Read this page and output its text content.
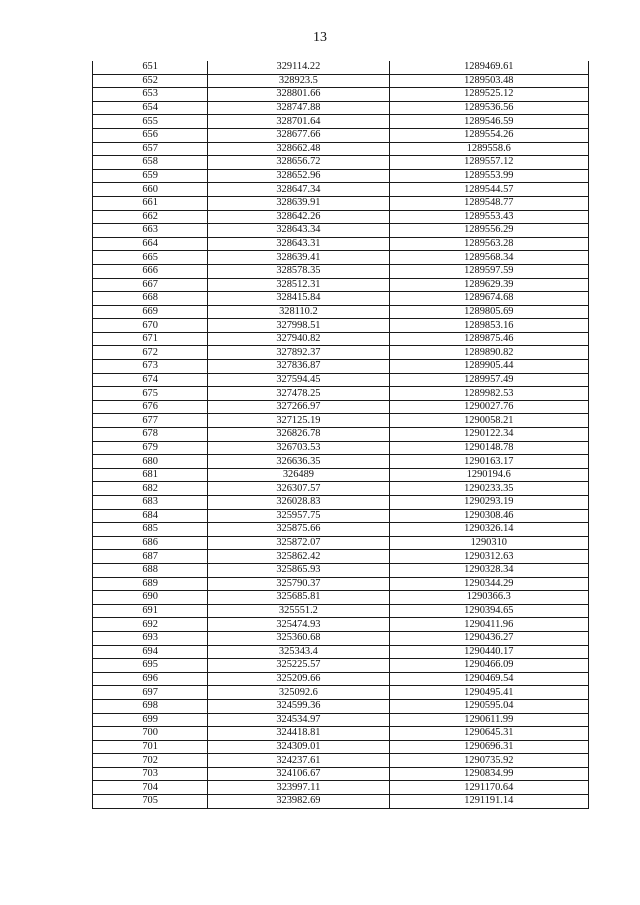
13
651	329114.22	1289469.61
652	328923.5	1289503.48
653	328801.66	1289525.12
654	328747.88	1289536.56
655	328701.64	1289546.59
656	328677.66	1289554.26
657	328662.48	1289558.6
658	328656.72	1289557.12
659	328652.96	1289553.99
660	328647.34	1289544.57
661	328639.91	1289548.77
662	328642.26	1289553.43
663	328643.34	1289556.29
664	328643.31	1289563.28
665	328639.41	1289568.34
666	328578.35	1289597.59
667	328512.31	1289629.39
668	328415.84	1289674.68
669	328110.2	1289805.69
670	327998.51	1289853.16
671	327940.82	1289875.46
672	327892.37	1289890.82
673	327836.87	1289905.44
674	327594.45	1289957.49
675	327478.25	1289982.53
676	327266.97	1290027.76
677	327125.19	1290058.21
678	326826.78	1290122.34
679	326703.53	1290148.78
680	326636.35	1290163.17
681	326489	1290194.6
682	326307.57	1290233.35
683	326028.83	1290293.19
684	325957.75	1290308.46
685	325875.66	1290326.14
686	325872.07	1290310
687	325862.42	1290312.63
688	325865.93	1290328.34
689	325790.37	1290344.29
690	325685.81	1290366.3
691	325551.2	1290394.65
692	325474.93	1290411.96
693	325360.68	1290436.27
694	325343.4	1290440.17
695	325225.57	1290466.09
696	325209.66	1290469.54
697	325092.6	1290495.41
698	324599.36	1290595.04
699	324534.97	1290611.99
700	324418.81	1290645.31
701	324309.01	1290696.31
702	324237.61	1290735.92
703	324106.67	1290834.99
704	323997.11	1291170.64
705	323982.69	1291191.14
